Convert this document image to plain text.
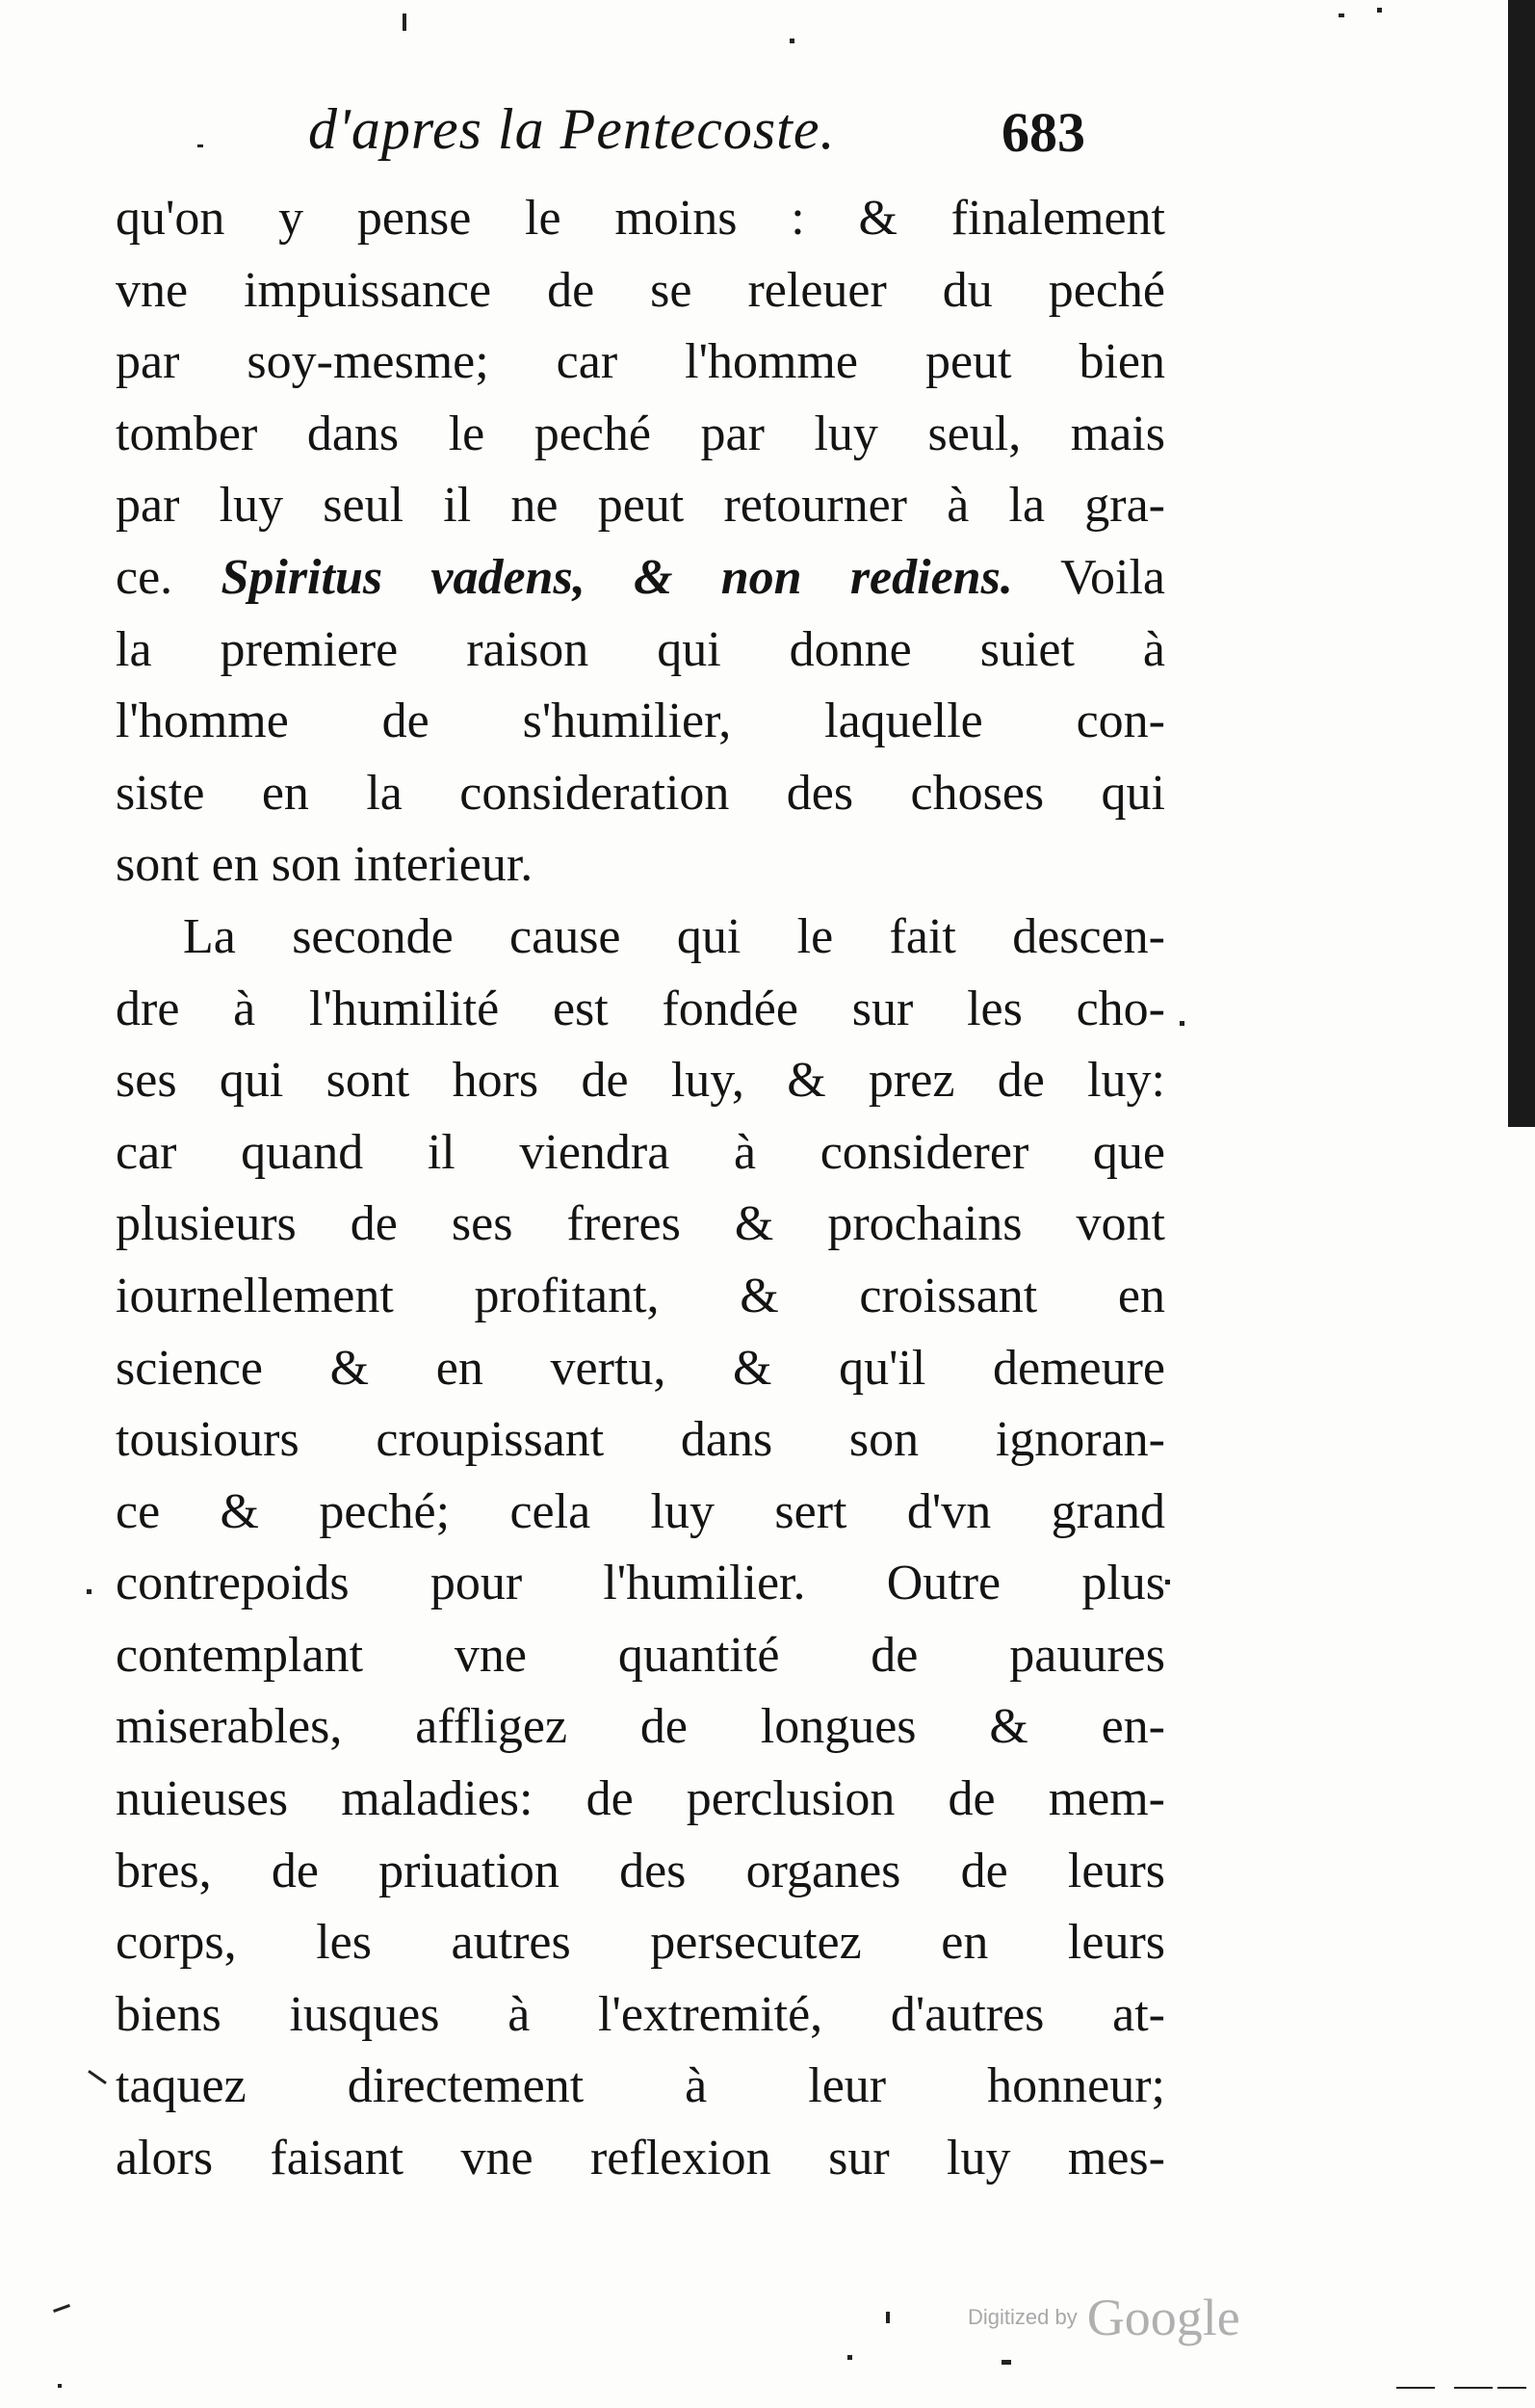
d'apres la Pentecoste.	683
qu'on y pense le moins : & finalement
vne impuissance de se releuer du peché
par soy-mesme; car l'homme peut bien
tomber dans le peché par luy seul, mais
par luy seul il ne peut retourner à la gra-
ce. Spiritus vadens, & non rediens. Voila
la premiere raison qui donne suiet à
l'homme de s'humilier, laquelle con-
siste en la consideration des choses qui
sont en son interieur.
La seconde cause qui le fait descen-
dre à l'humilité est fondée sur les cho-
ses qui sont hors de luy, & prez de luy:
car quand il viendra à considerer que
plusieurs de ses freres & prochains vont
iournellement profitant, & croissant en
science & en vertu, & qu'il demeure
tousiours croupissant dans son ignoran-
ce & peché; cela luy sert d'vn grand
contrepoids pour l'humilier. Outre plus
contemplant vne quantité de pauures
miserables, affligez de longues & en-
nuieuses maladies: de perclusion de mem-
bres, de priuation des organes de leurs
corps, les autres persecutez en leurs
biens iusques à l'extremité, d'autres at-
taquez directement à leur honneur;
alors faisant vne reflexion sur luy mes-
Digitized by Google
